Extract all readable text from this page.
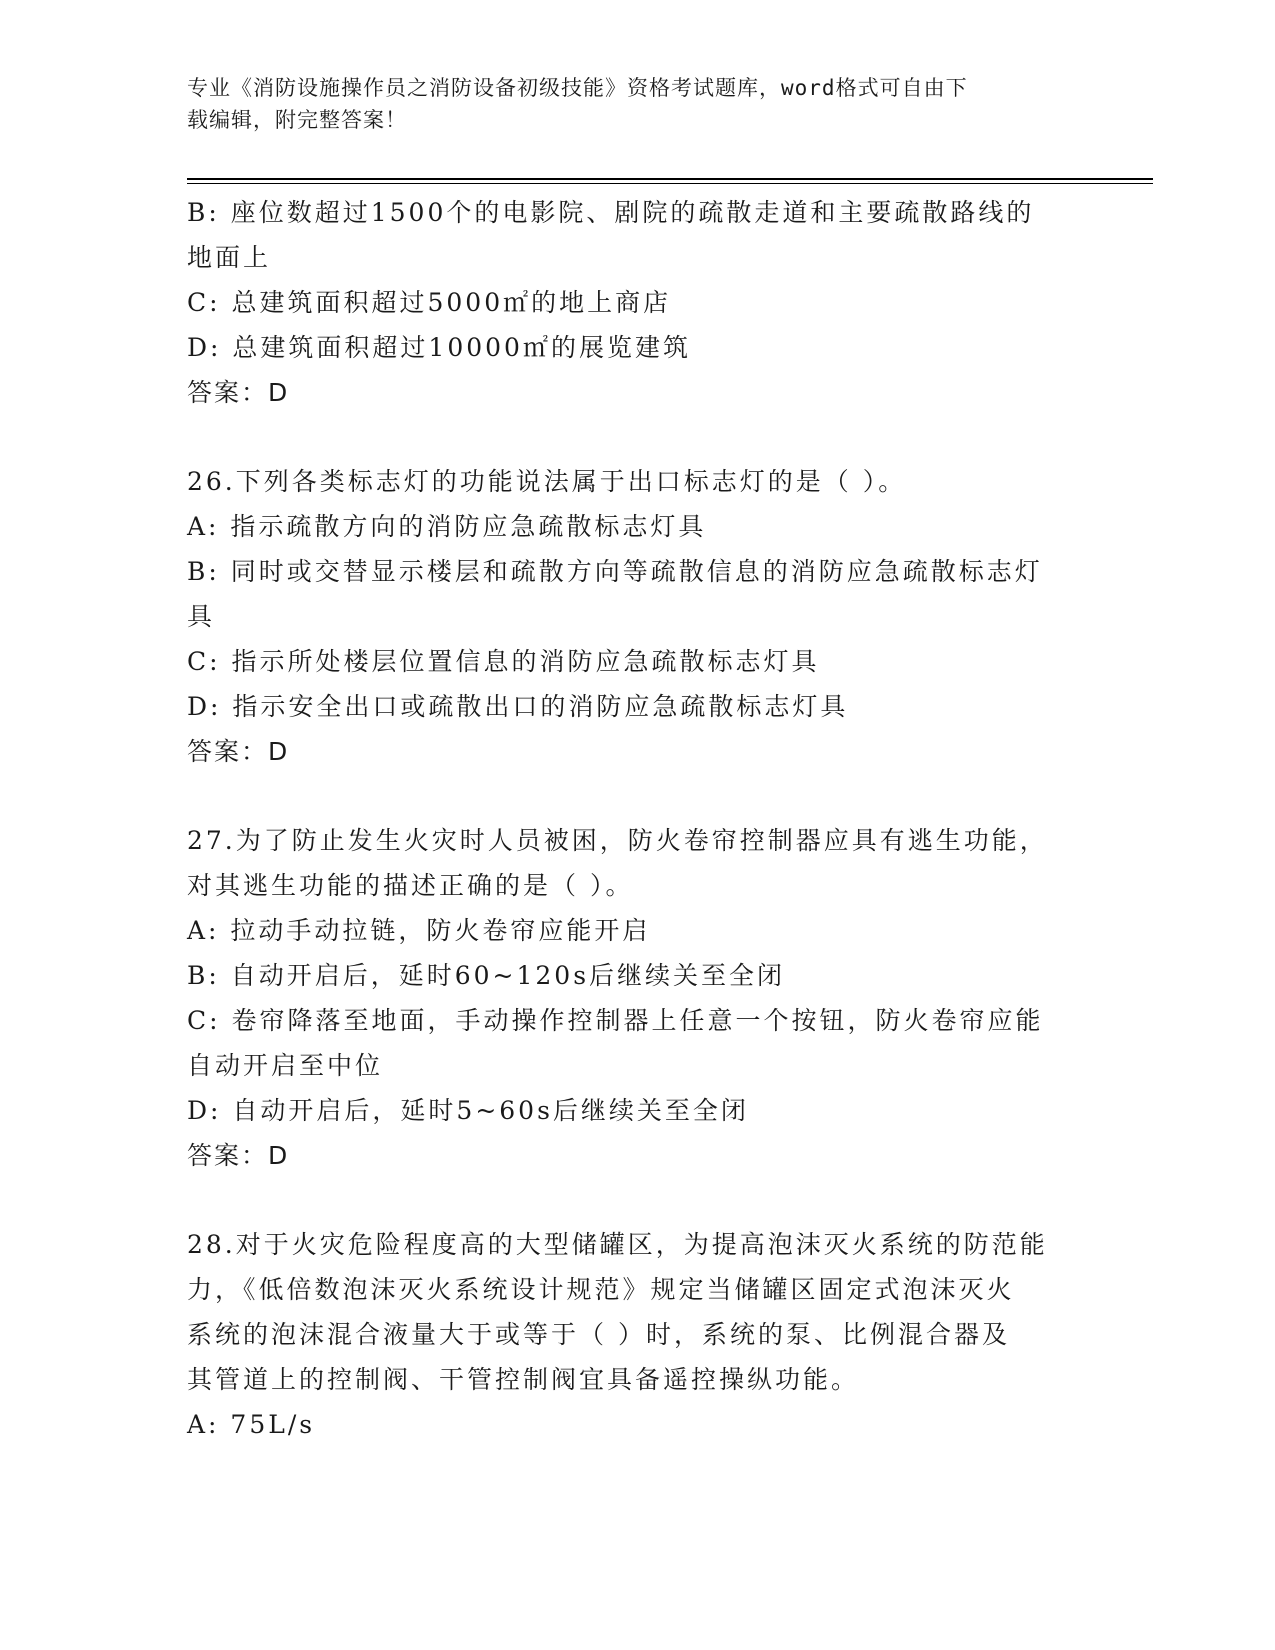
专业《消防设施操作员之消防设备初级技能》资格考试题库，word格式可自由下
载编辑，附完整答案！
B: 座位数超过1500个的电影院、剧院的疏散走道和主要疏散路线的
地面上
C: 总建筑面积超过5000㎡的地上商店
D: 总建筑面积超过10000㎡的展览建筑
答案：D
26.下列各类标志灯的功能说法属于出口标志灯的是（ ）。
A: 指示疏散方向的消防应急疏散标志灯具
B: 同时或交替显示楼层和疏散方向等疏散信息的消防应急疏散标志灯
具
C: 指示所处楼层位置信息的消防应急疏散标志灯具
D: 指示安全出口或疏散出口的消防应急疏散标志灯具
答案：D
27.为了防止发生火灾时人员被困，防火卷帘控制器应具有逃生功能，
对其逃生功能的描述正确的是（ ）。
A: 拉动手动拉链，防火卷帘应能开启
B: 自动开启后，延时60~120s后继续关至全闭
C: 卷帘降落至地面，手动操作控制器上任意一个按钮，防火卷帘应能
自动开启至中位
D: 自动开启后，延时5~60s后继续关至全闭
答案：D
28.对于火灾危险程度高的大型储罐区，为提高泡沫灭火系统的防范能
力，《低倍数泡沫灭火系统设计规范》规定当储罐区固定式泡沫灭火
系统的泡沫混合液量大于或等于（ ）时，系统的泵、比例混合器及
其管道上的控制阀、干管控制阀宜具备遥控操纵功能。
A: 75L/s
